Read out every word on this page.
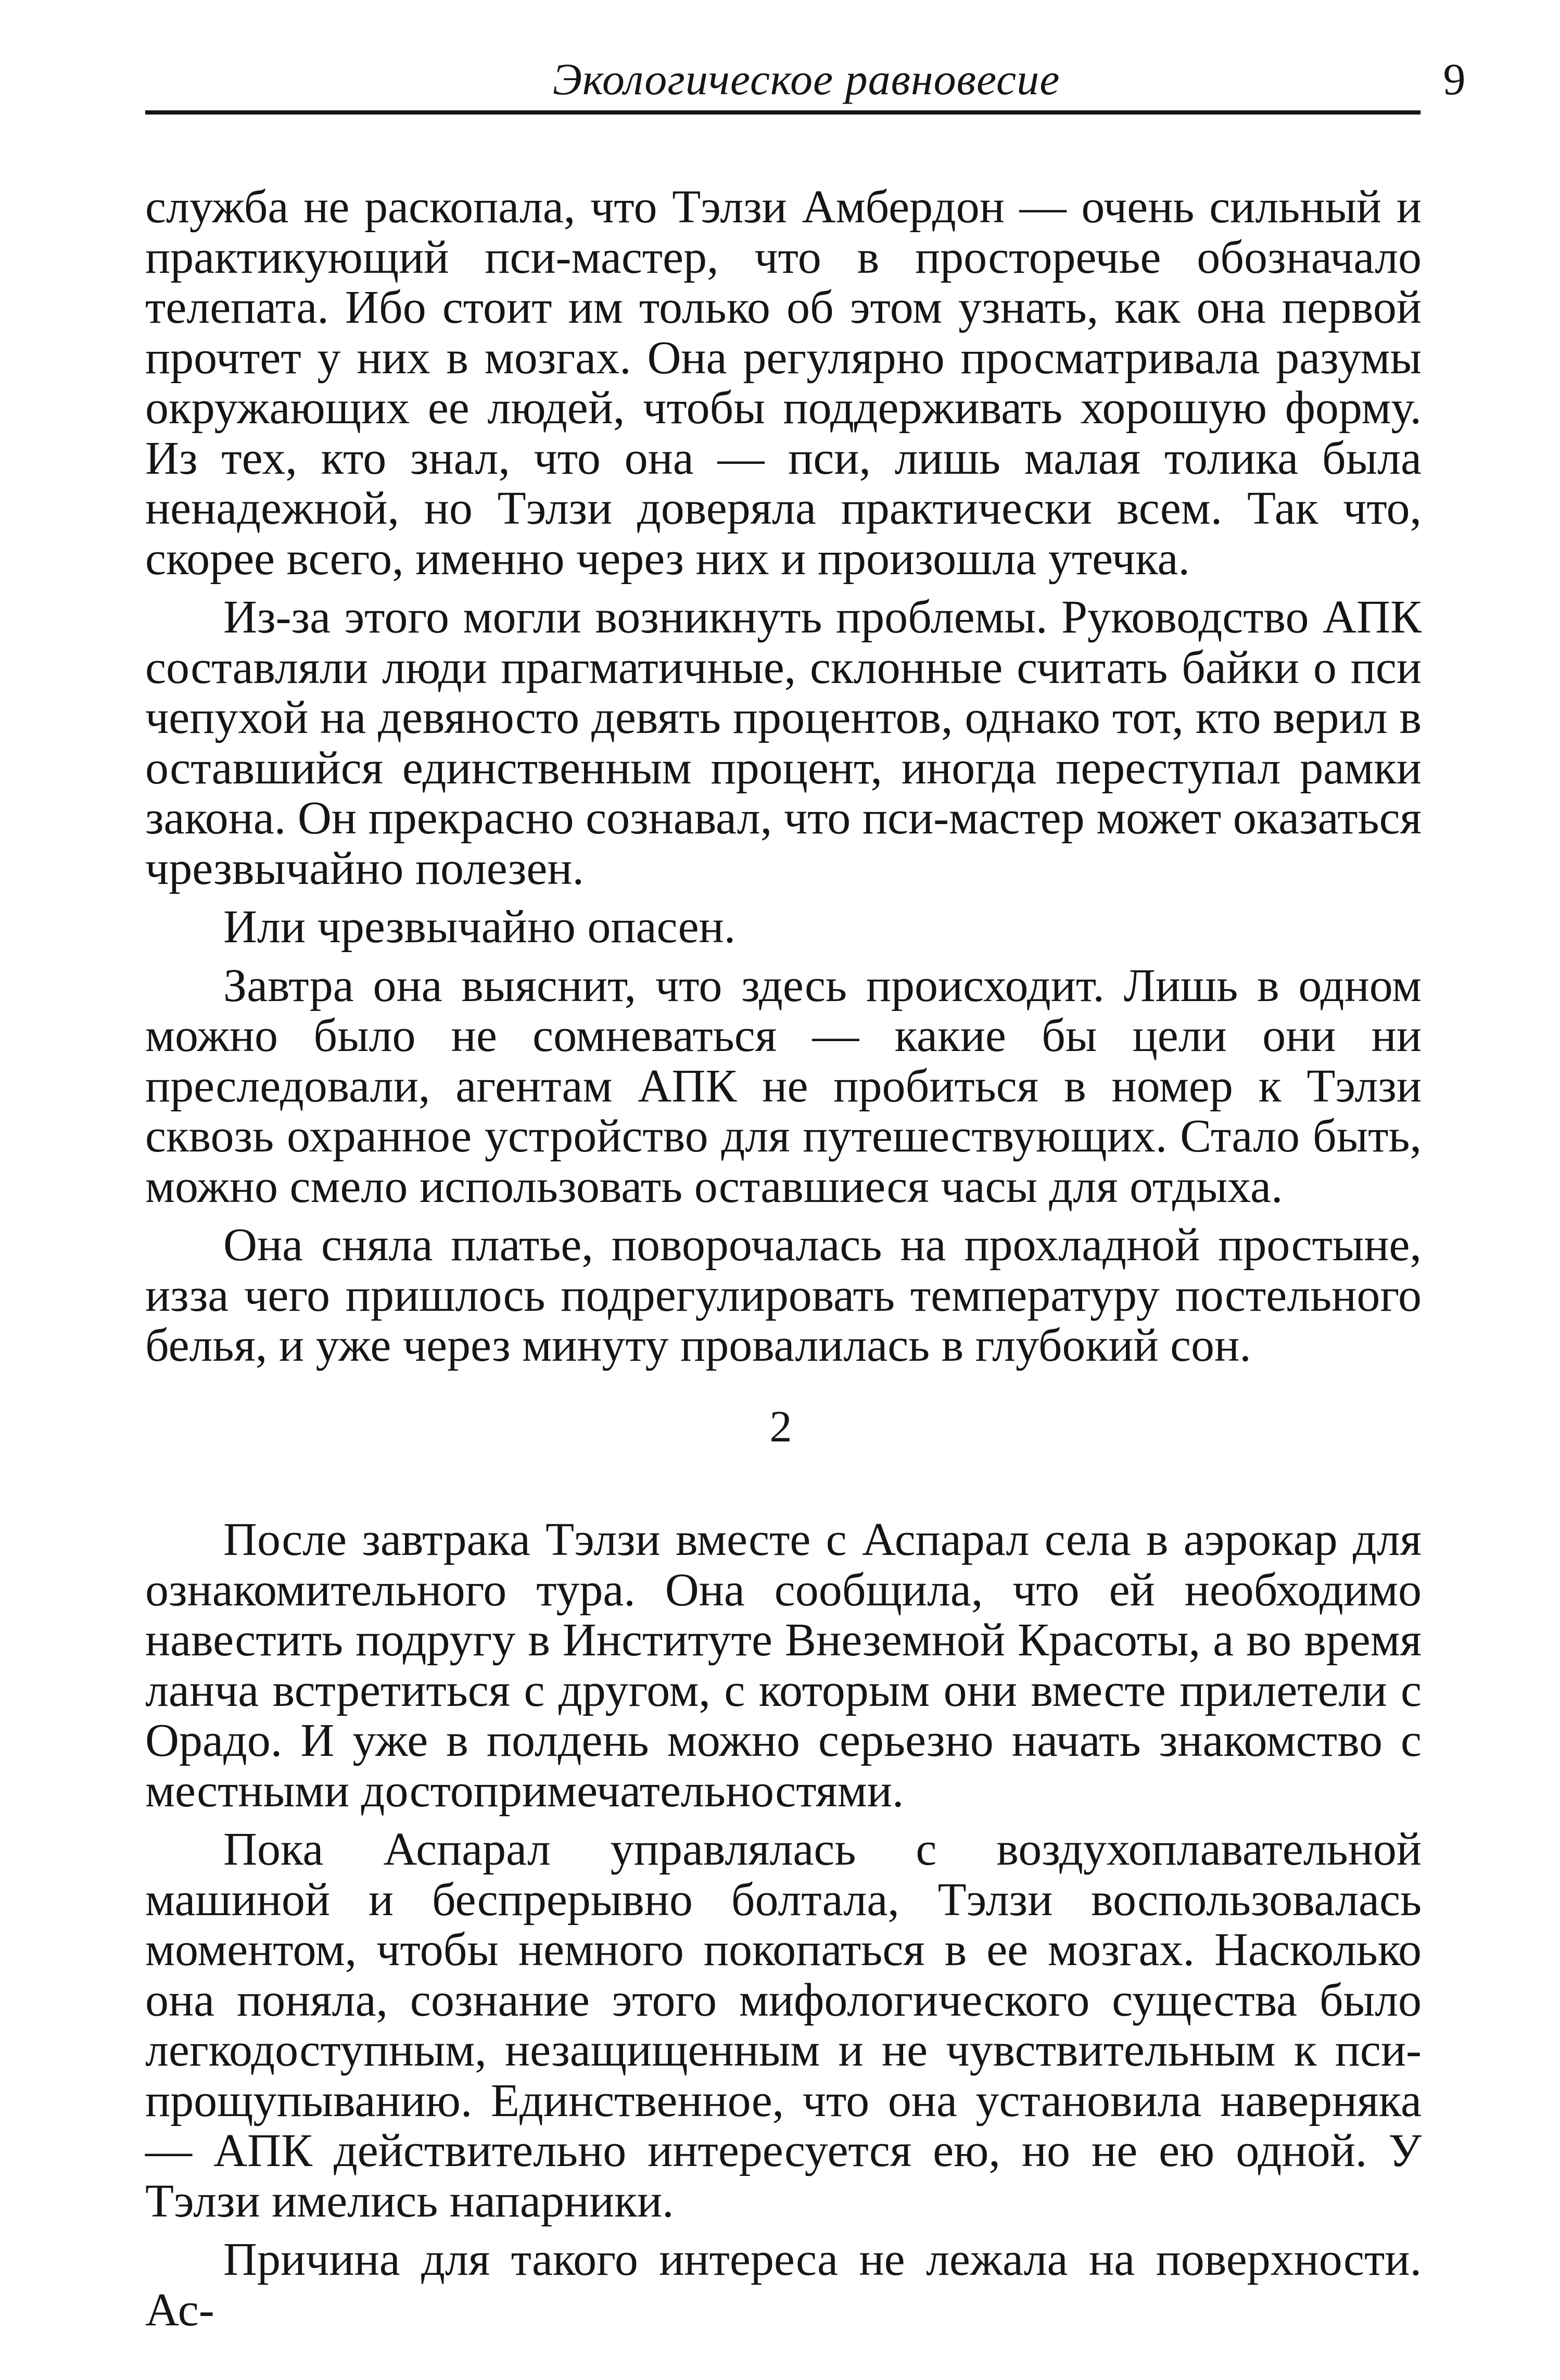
Экологическое равновесие	9

служба не раскопала, что Тэлзи Амбердон — очень сильный и практикующий пси-мастер, что в просторечье обозначало телепата. Ибо стоит им только об этом узнать, как она первой прочтет у них в мозгах. Она регулярно просматривала разумы окружающих ее людей, чтобы поддерживать хорошую форму. Из тех, кто знал, что она — пси, лишь малая толика была ненадежной, но Тэлзи доверяла практически всем. Так что, скорее всего, именно через них и произошла утечка.

Из-за этого могли возникнуть проблемы. Руководство АПК составляли люди прагматичные, склонные считать байки о пси чепухой на девяносто девять процентов, однако тот, кто верил в оставшийся единственным процент, иногда переступал рамки закона. Он прекрасно сознавал, что пси-мастер может оказаться чрезвычайно полезен.

Или чрезвычайно опасен.

Завтра она выяснит, что здесь происходит. Лишь в одном можно было не сомневаться — какие бы цели они ни преследовали, агентам АПК не пробиться в номер к Тэлзи сквозь охранное устройство для путешествующих. Стало быть, можно смело использовать оставшиеся часы для отдыха.

Она сняла платье, поворочалась на прохладной простыне, изза чего пришлось подрегулировать температуру постельного белья, и уже через минуту провалилась в глубокий сон.

2

После завтрака Тэлзи вместе с Аспарал села в аэрокар для ознакомительного тура. Она сообщила, что ей необходимо навестить подругу в Институте Внеземной Красоты, а во время ланча встретиться с другом, с которым они вместе прилетели с Орадо. И уже в полдень можно серьезно начать знакомство с местными достопримечательностями.

Пока Аспарал управлялась с воздухоплавательной машиной и беспрерывно болтала, Тэлзи воспользовалась моментом, чтобы немного покопаться в ее мозгах. Насколько она поняла, сознание этого мифологического существа было легкодоступным, незащищенным и не чувствительным к пси-прощупыванию. Единственное, что она установила наверняка — АПК действительно интересуется ею, но не ею одной. У Тэлзи имелись напарники.

Причина для такого интереса не лежала на поверхности. Ас-
